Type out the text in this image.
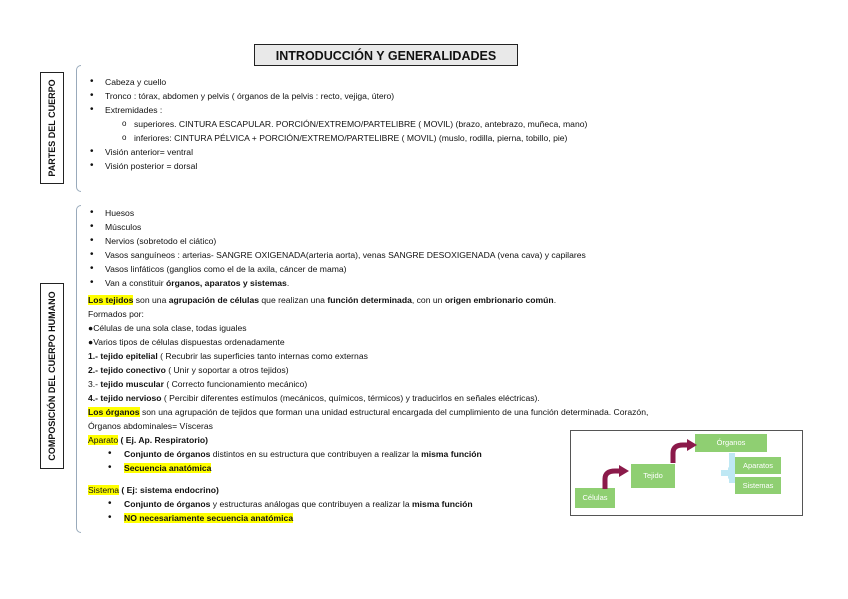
INTRODUCCIÓN Y GENERALIDADES
PARTES DEL CUERPO
•	Cabeza y cuello
• Tronco : tórax, abdomen y pelvis ( órganos de la pelvis : recto, vejiga, útero)
• Extremidades :
o superiores. CINTURA ESCAPULAR. PORCIÓN/EXTREMO/PARTELIBRE ( MOVIL) (brazo, antebrazo, muñeca, mano)
o inferiores: CINTURA PÉLVICA + PORCIÓN/EXTREMO/PARTELIBRE ( MOVIL) (muslo, rodilla, pierna, tobillo, pie)
• Visión anterior= ventral
• Visión posterior = dorsal
COMPOSICIÓN DEL CUERPO HUMANO
• Huesos
• Músculos
• Nervios (sobretodo el ciático)
• Vasos sanguíneos : arterias- SANGRE OXIGENADA(arteria aorta), venas SANGRE DESOXIGENADA (vena cava) y capilares
• Vasos linfáticos (ganglios como el de la axila, cáncer de mama)
• Van a constituir órganos, aparatos y sistemas.

Los tejidos son una agrupación de células que realizan una función determinada, con un origen embrionario común.

Formados por:

●Células de una sola clase, todas iguales

●Varios tipos de células dispuestas ordenadamente

1.- tejido epitelial ( Recubrir las superficies tanto internas como externas

2.- tejido conectivo ( Unir y soportar a otros tejidos)

3.- tejido muscular ( Correcto funcionamiento mecánico)

4.- tejido nervioso ( Percibir diferentes estímulos (mecánicos, químicos, térmicos) y traducirlos en señales eléctricas).

Los órganos son una agrupación de tejidos que forman una unidad estructural encargada del cumplimiento de una función determinada. Corazón,

Órganos abdominales= Vísceras

Aparato ( Ej. Ap. Respiratorio)

• Conjunto de órganos distintos en su estructura que contribuyen a realizar la misma función
• Secuencia anatómica

Sistema ( Ej: sistema endocrino)

• Conjunto de órganos y estructuras análogas que contribuyen a realizar la misma función
• NO necesariamente secuencia anatómica
Células
Tejido
Órganos
Aparatos
Sistemas
